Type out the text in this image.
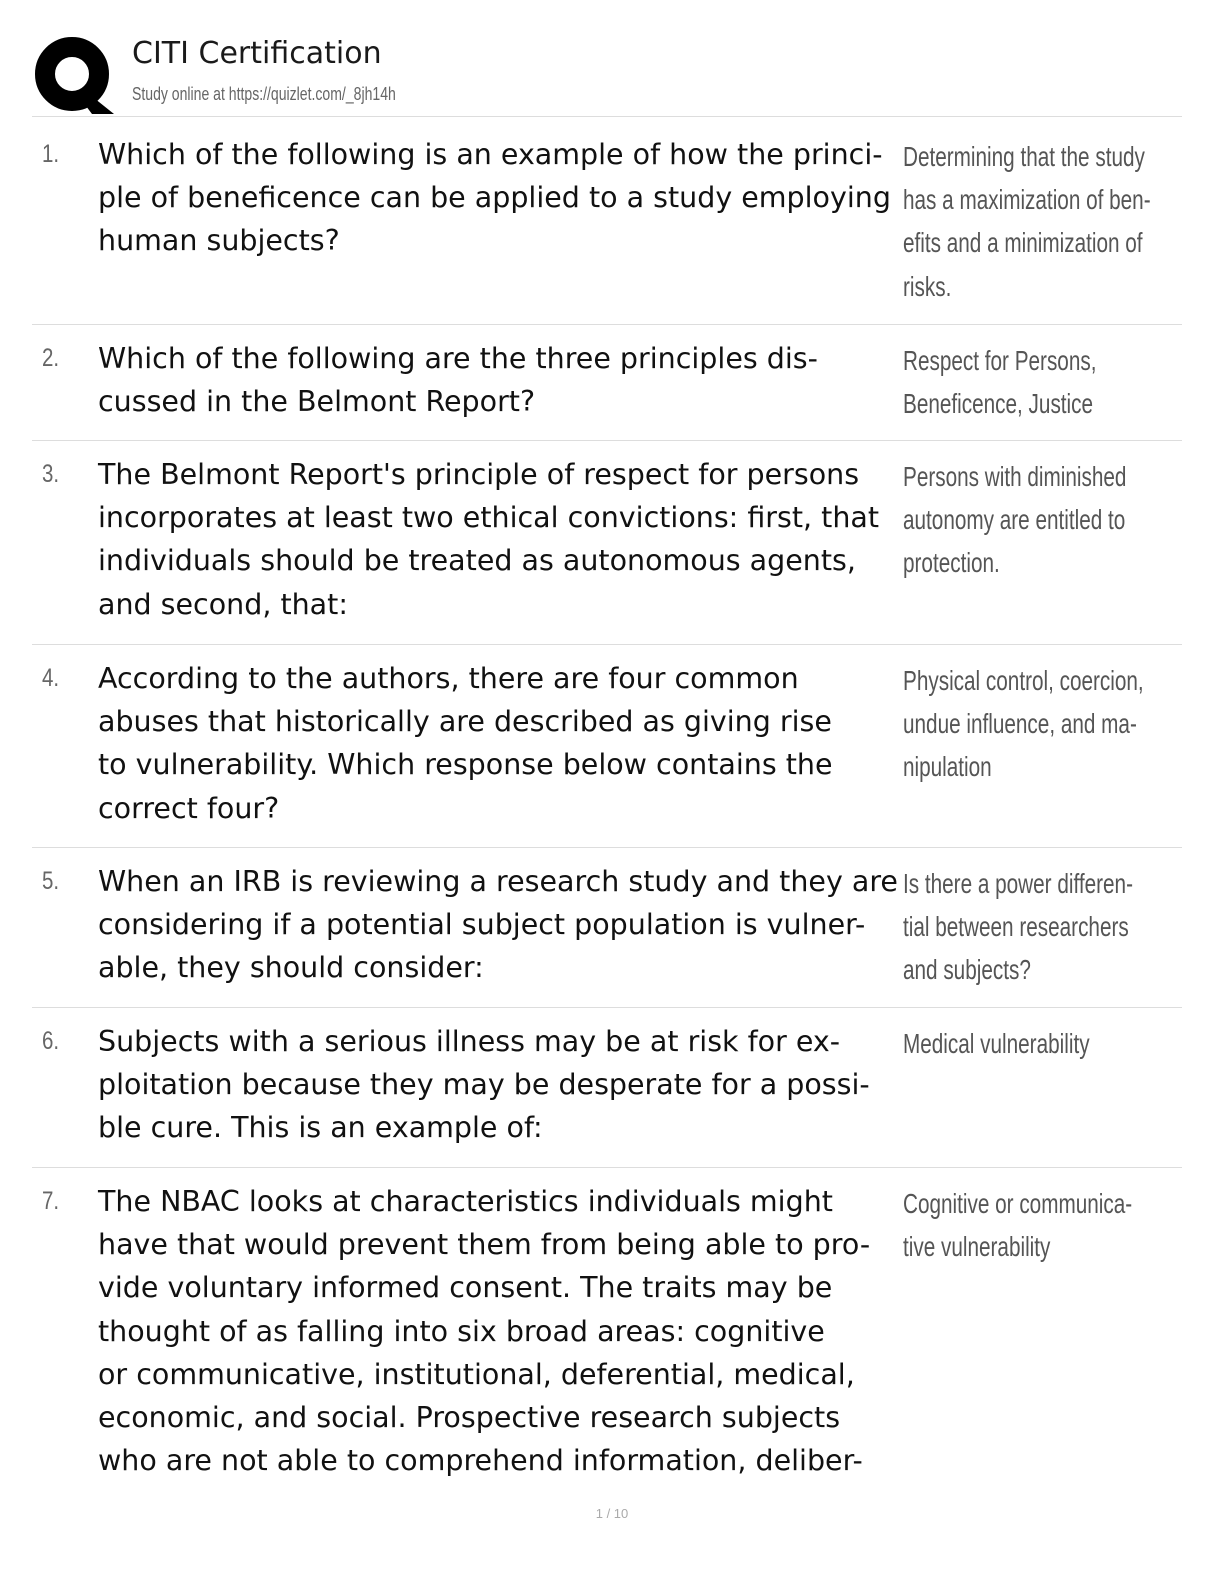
CITI Certification
Study online at https://quizlet.com/_8jh14h
1. Which of the following is an example of how the princi-
ple of beneficence can be applied to a study employing
human subjects?
Determining that the study
has a maximization of ben-
efits and a minimization of
risks.
2. Which of the following are the three principles dis-
cussed in the Belmont Report?
Respect for Persons,
Beneficence, Justice
3. The Belmont Report's principle of respect for persons
incorporates at least two ethical convictions: first, that
individuals should be treated as autonomous agents,
and second, that:
Persons with diminished
autonomy are entitled to
protection.
4. According to the authors, there are four common
abuses that historically are described as giving rise
to vulnerability. Which response below contains the
correct four?
Physical control, coercion,
undue influence, and ma-
nipulation
5. When an IRB is reviewing a research study and they are
considering if a potential subject population is vulner-
able, they should consider:
Is there a power differen-
tial between researchers
and subjects?
6. Subjects with a serious illness may be at risk for ex-
ploitation because they may be desperate for a possi-
ble cure. This is an example of:
Medical vulnerability
7. The NBAC looks at characteristics individuals might
have that would prevent them from being able to pro-
vide voluntary informed consent. The traits may be
thought of as falling into six broad areas: cognitive
or communicative, institutional, deferential, medical,
economic, and social. Prospective research subjects
who are not able to comprehend information, deliber-
Cognitive or communica-
tive vulnerability
1 / 10
